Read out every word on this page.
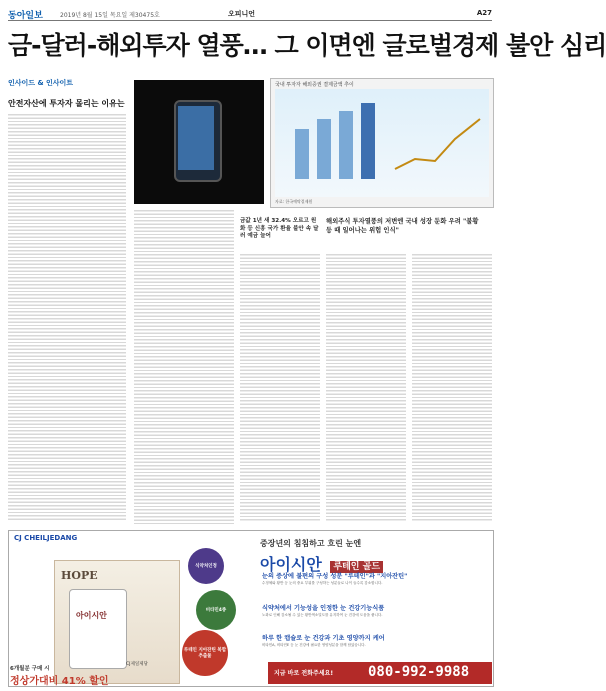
동아일보	2019년 8월 15일 목요일 제30475호	오피니언	A27
금-달러-해외투자 열풍… 그 이면엔 글로벌경제 불안 심리
인사이드 & 인사이트
안전자산에 투자자 몰리는 이유는
국내 투자자 해외증권 결제금액 추이
자료: 한국예탁결제원
금값 1년 새 32.4% 오르고 원화 등 신흥 국가 환율 불안 속 달러 예금 늘어
해외주식 투자열풍의 저변엔 국내 성장 둔화 우려 "불황 등 때 일어나는 위험 인식"
CJ CHEILJEDANG
HOPE
아이시안
식약처인정
비타민4종
루테인 지아잔틴 복합추출물
중장년의 침침하고 흐린 눈엔
아이시안 루테인 골드
눈의 증상에 불편의 구성 성분 "루테인"과 "지아잔틴"
수정체와 황반 등 눈의 중요 부위를 구성하는 성분들로 나이 들수록 감소합니다.
식약처에서 기능성을 인정한 눈 건강기능식품
노화로 인해 감소될 수 있는 황반색소밀도를 유지하여 눈 건강에 도움을 줍니다.
하루 한 캡슐로 눈 건강과 기초 영양까지 케어
비타민A, 비타민E 등 눈 건강에 필요한 영양성분을 함께 담았습니다.
6개월분 구매 시
정상가대비 41% 할인
CJ제일제당
지금 바로 전화주세요! 080-992-9988
